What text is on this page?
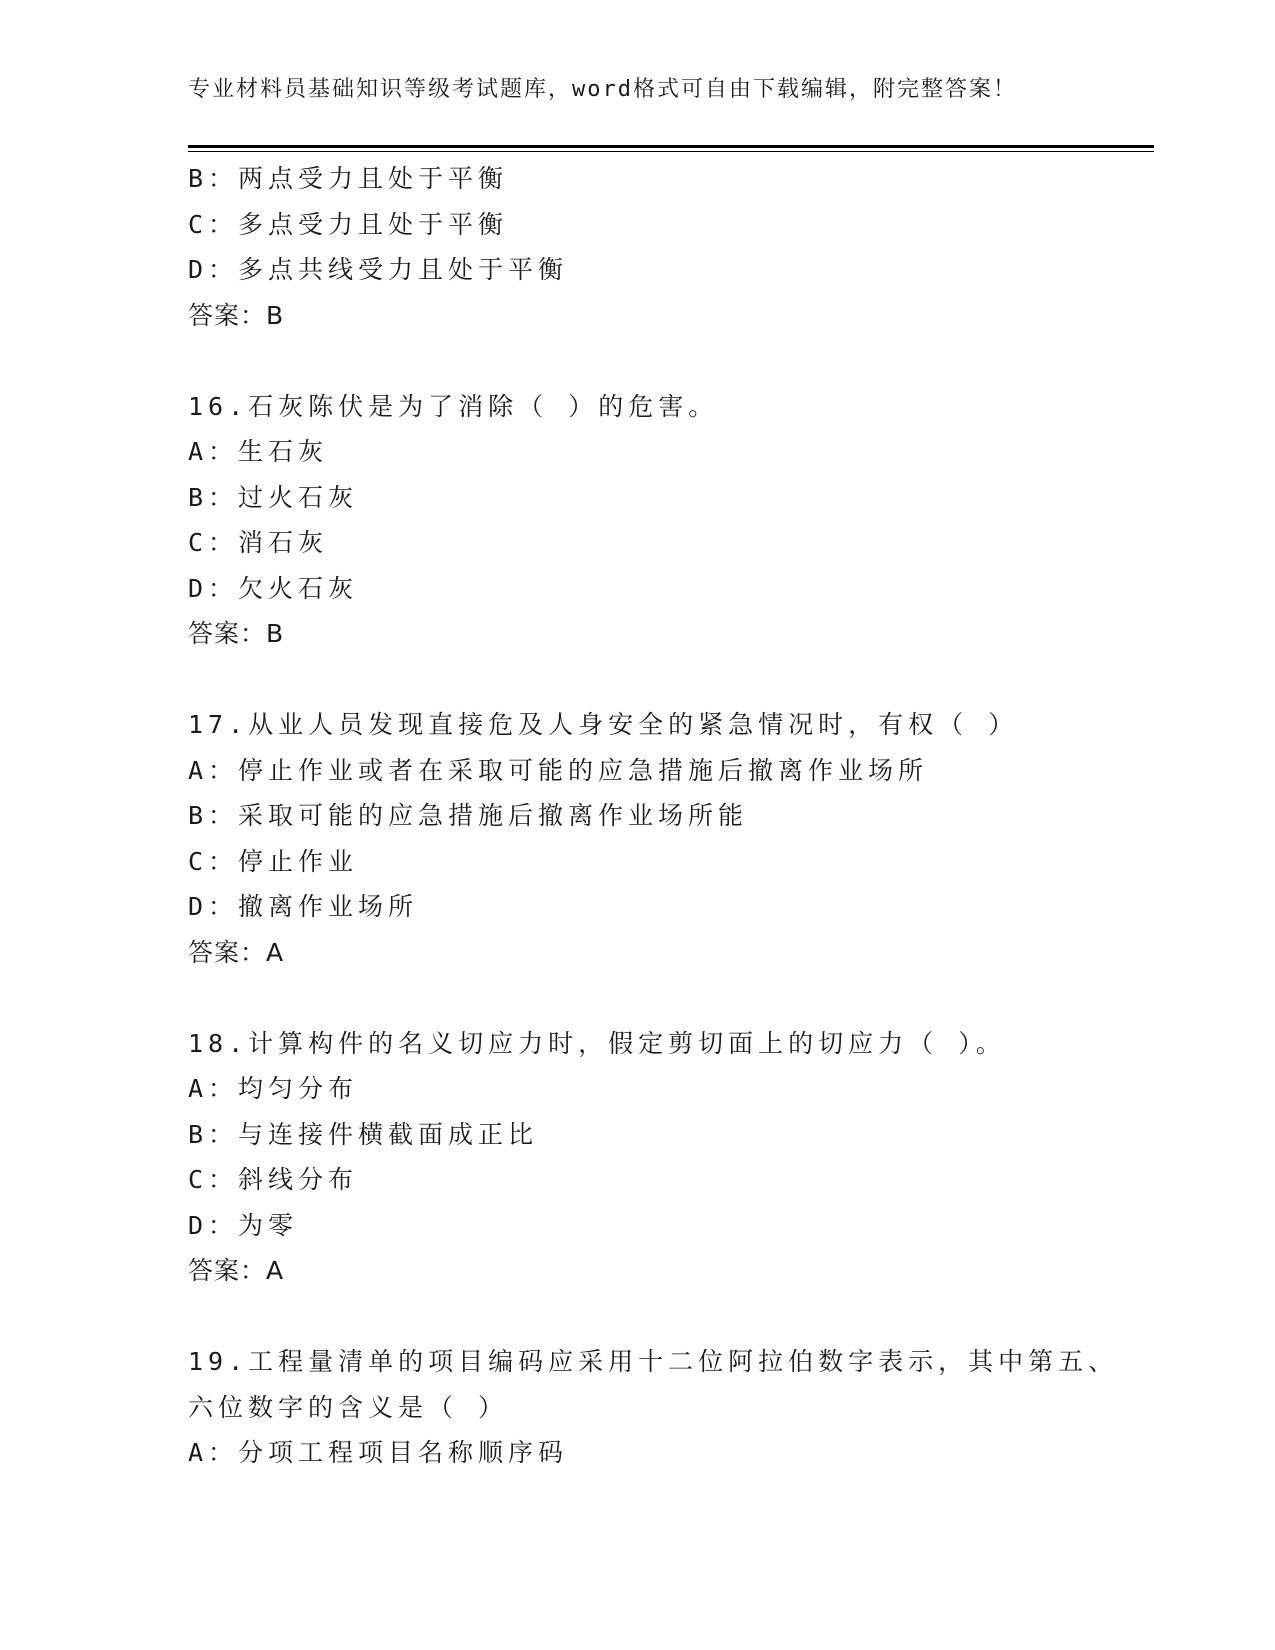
专业材料员基础知识等级考试题库，word格式可自由下载编辑，附完整答案！
B：两点受力且处于平衡
C：多点受力且处于平衡
D：多点共线受力且处于平衡
答案：B
16.石灰陈伏是为了消除（ ）的危害。
A：生石灰
B：过火石灰
C：消石灰
D：欠火石灰
答案：B
17.从业人员发现直接危及人身安全的紧急情况时，有权（ ）
A：停止作业或者在采取可能的应急措施后撤离作业场所
B：采取可能的应急措施后撤离作业场所能
C：停止作业
D：撤离作业场所
答案：A
18.计算构件的名义切应力时，假定剪切面上的切应力（ ）。
A：均匀分布
B：与连接件横截面成正比
C：斜线分布
D：为零
答案：A
19.工程量清单的项目编码应采用十二位阿拉伯数字表示，其中第五、
六位数字的含义是（ ）
A：分项工程项目名称顺序码
